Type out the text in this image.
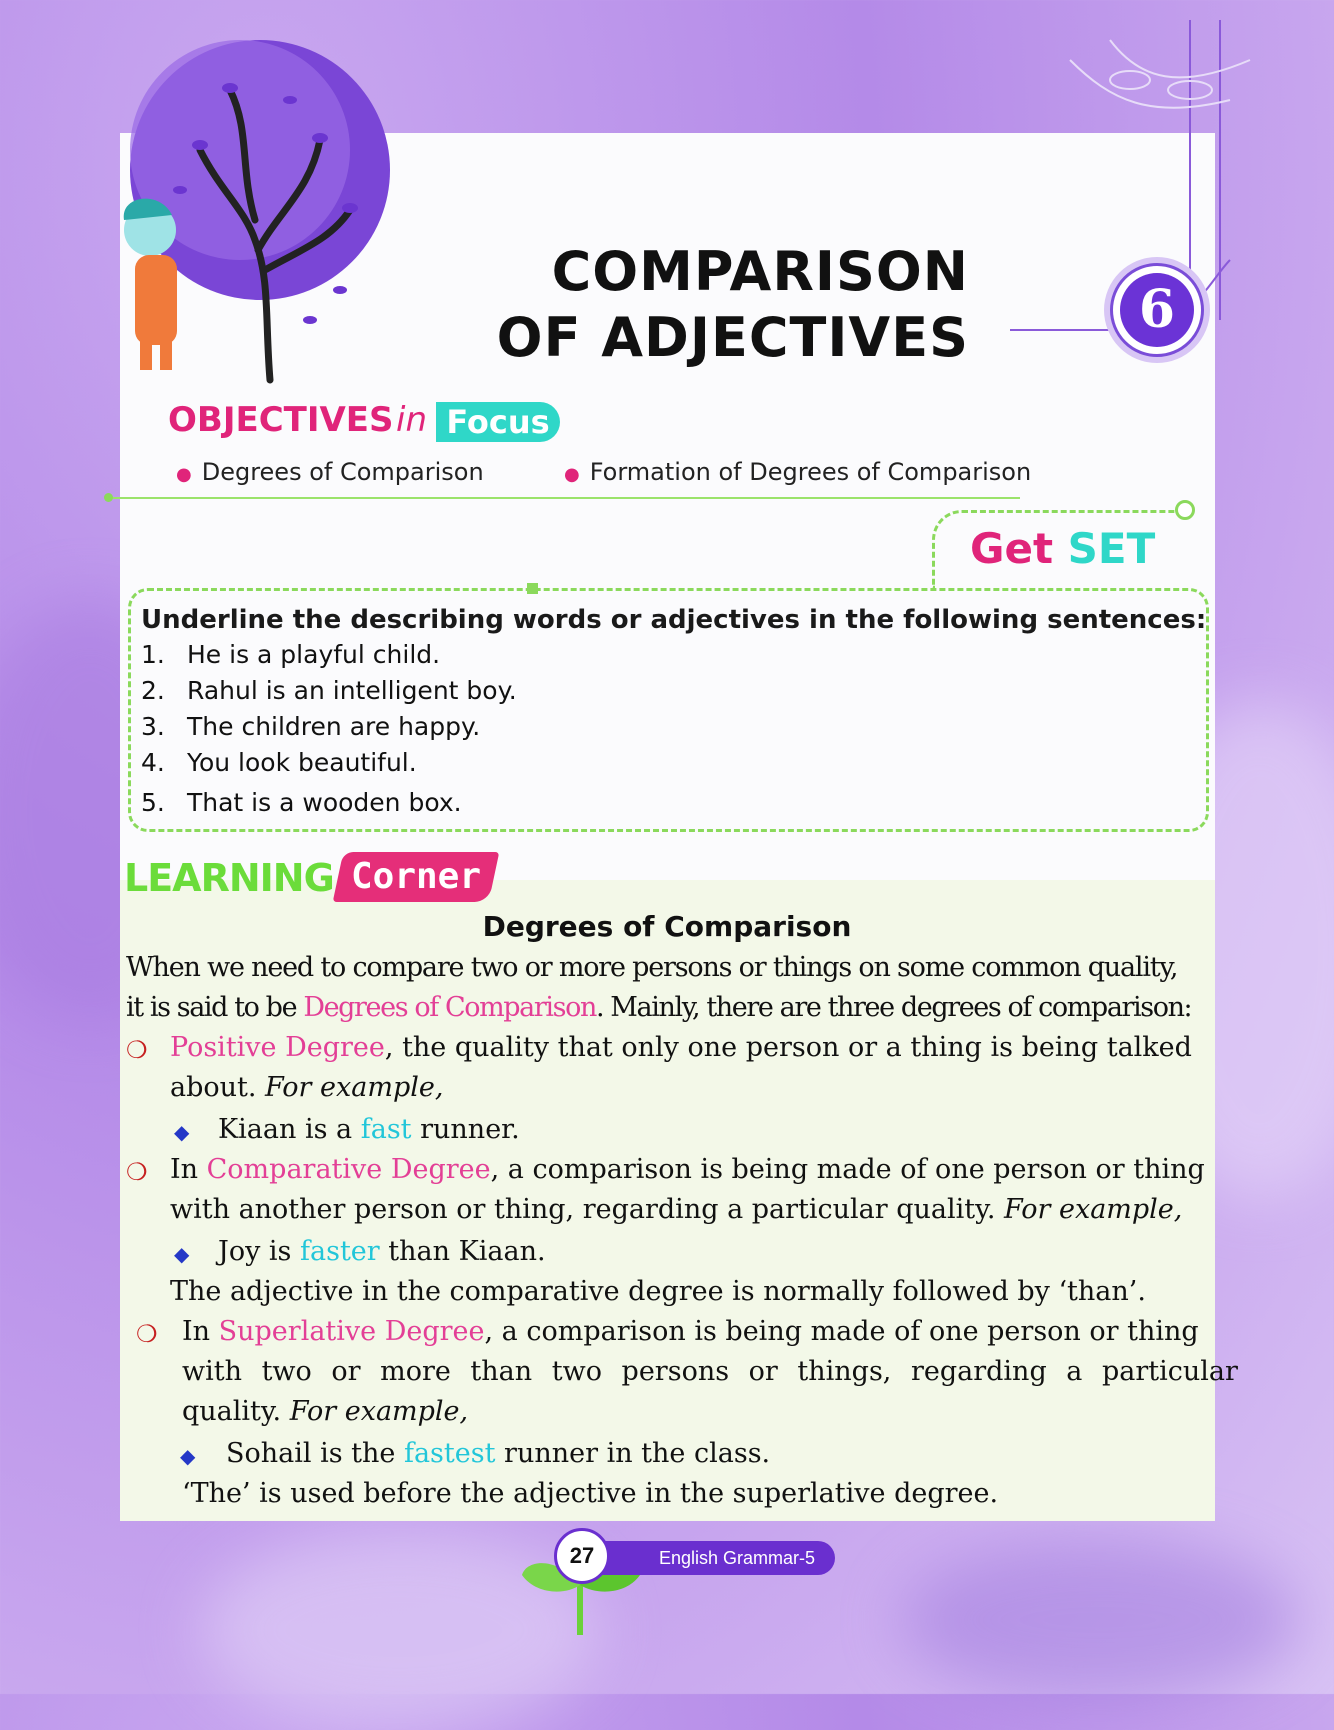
COMPARISON
OF ADJECTIVES	6
OBJECTIVES in Focus
● Degrees of Comparison	● Formation of Degrees of Comparison
Get SET
Underline the describing words or adjectives in the following sentences:
1. He is a playful child.
2. Rahul is an intelligent boy.
3. The children are happy.
4. You look beautiful.
5. That is a wooden box.
LEARNING Corner
Degrees of Comparison
When we need to compare two or more persons or things on some common quality,
it is said to be Degrees of Comparison. Mainly, there are three degrees of comparison:
❍ Positive Degree, the quality that only one person or a thing is being talked
about. For example,
◆ Kiaan is a fast runner.
❍ In Comparative Degree, a comparison is being made of one person or thing
with another person or thing, regarding a particular quality. For example,
◆ Joy is faster than Kiaan.
The adjective in the comparative degree is normally followed by ‘than’.
❍ In Superlative Degree, a comparison is being made of one person or thing
with two or more than two persons or things, regarding a particular
quality. For example,
◆ Sohail is the fastest runner in the class.
‘The’ is used before the adjective in the superlative degree.
English Grammar-5
27
